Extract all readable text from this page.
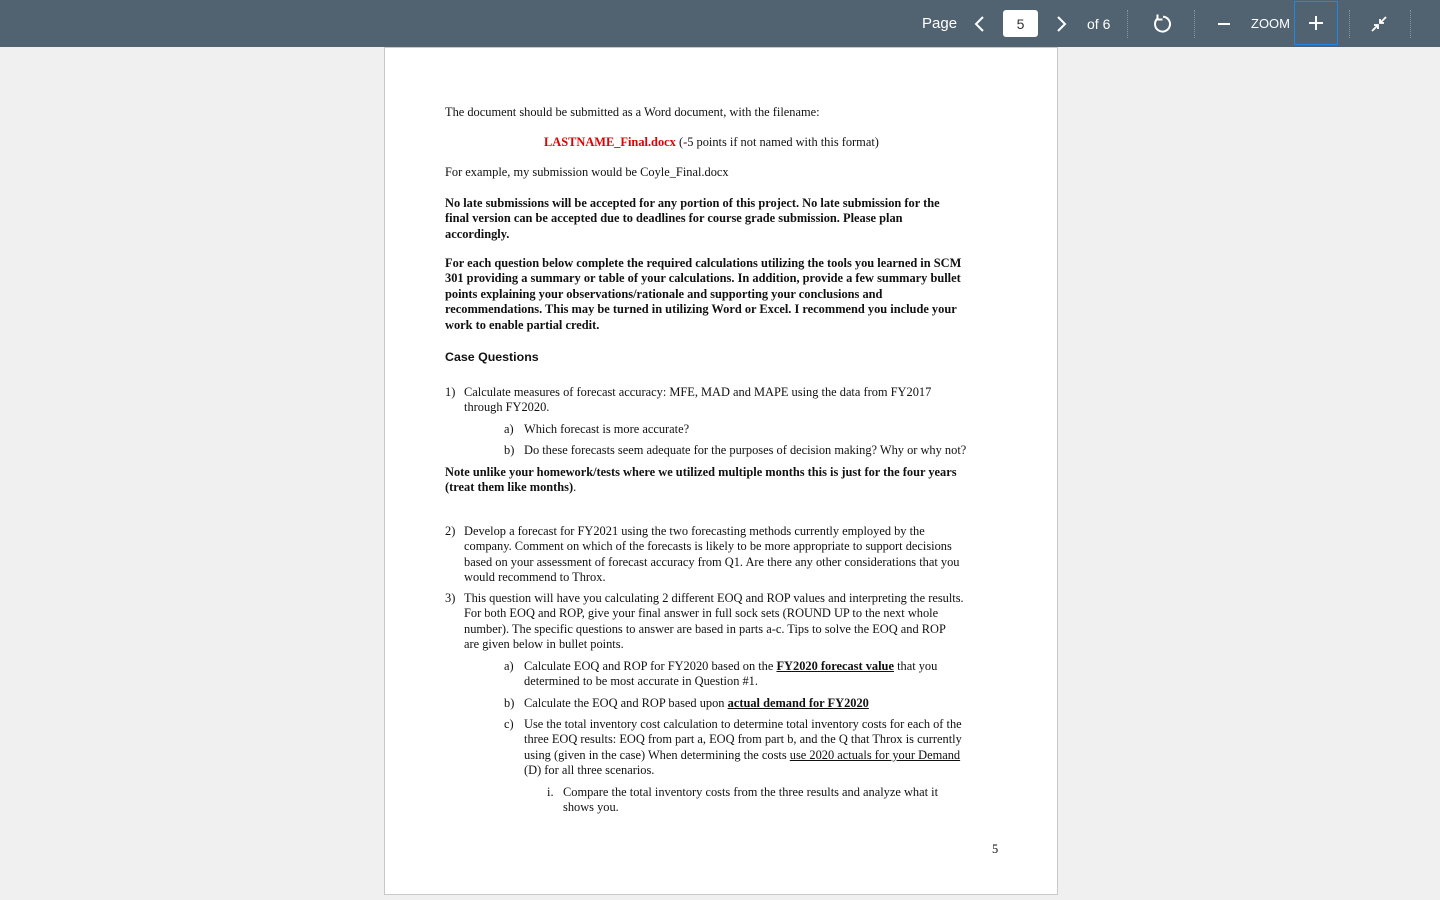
Page
5	of 6	ZOOM
The document should be submitted as a Word document, with the filename:
LASTNAME_Final.docx (-5 points if not named with this format)
For example, my submission would be Coyle_Final.docx
No late submissions will be accepted for any portion of this project. No late submission for the
final version can be accepted due to deadlines for course grade submission. Please plan
accordingly.
For each question below complete the required calculations utilizing the tools you learned in SCM
301 providing a summary or table of your calculations. In addition, provide a few summary bullet
points explaining your observations/rationale and supporting your conclusions and
recommendations. This may be turned in utilizing Word or Excel. I recommend you include your
work to enable partial credit.
Case Questions
1) Calculate measures of forecast accuracy: MFE, MAD and MAPE using the data from FY2017
through FY2020.
a) Which forecast is more accurate?
b) Do these forecasts seem adequate for the purposes of decision making? Why or why not?
Note unlike your homework/tests where we utilized multiple months this is just for the four years
(treat them like months).
2) Develop a forecast for FY2021 using the two forecasting methods currently employed by the
company. Comment on which of the forecasts is likely to be more appropriate to support decisions
based on your assessment of forecast accuracy from Q1. Are there any other considerations that you
would recommend to Throx.
3) This question will have you calculating 2 different EOQ and ROP values and interpreting the results.
For both EOQ and ROP, give your final answer in full sock sets (ROUND UP to the next whole
number). The specific questions to answer are based in parts a-c. Tips to solve the EOQ and ROP
are given below in bullet points.
a) Calculate EOQ and ROP for FY2020 based on the FY2020 forecast value that you
determined to be most accurate in Question #1.
b) Calculate the EOQ and ROP based upon actual demand for FY2020
c) Use the total inventory cost calculation to determine total inventory costs for each of the
three EOQ results: EOQ from part a, EOQ from part b, and the Q that Throx is currently
using (given in the case) When determining the costs use 2020 actuals for your Demand
(D) for all three scenarios.
i. Compare the total inventory costs from the three results and analyze what it
shows you.
5
